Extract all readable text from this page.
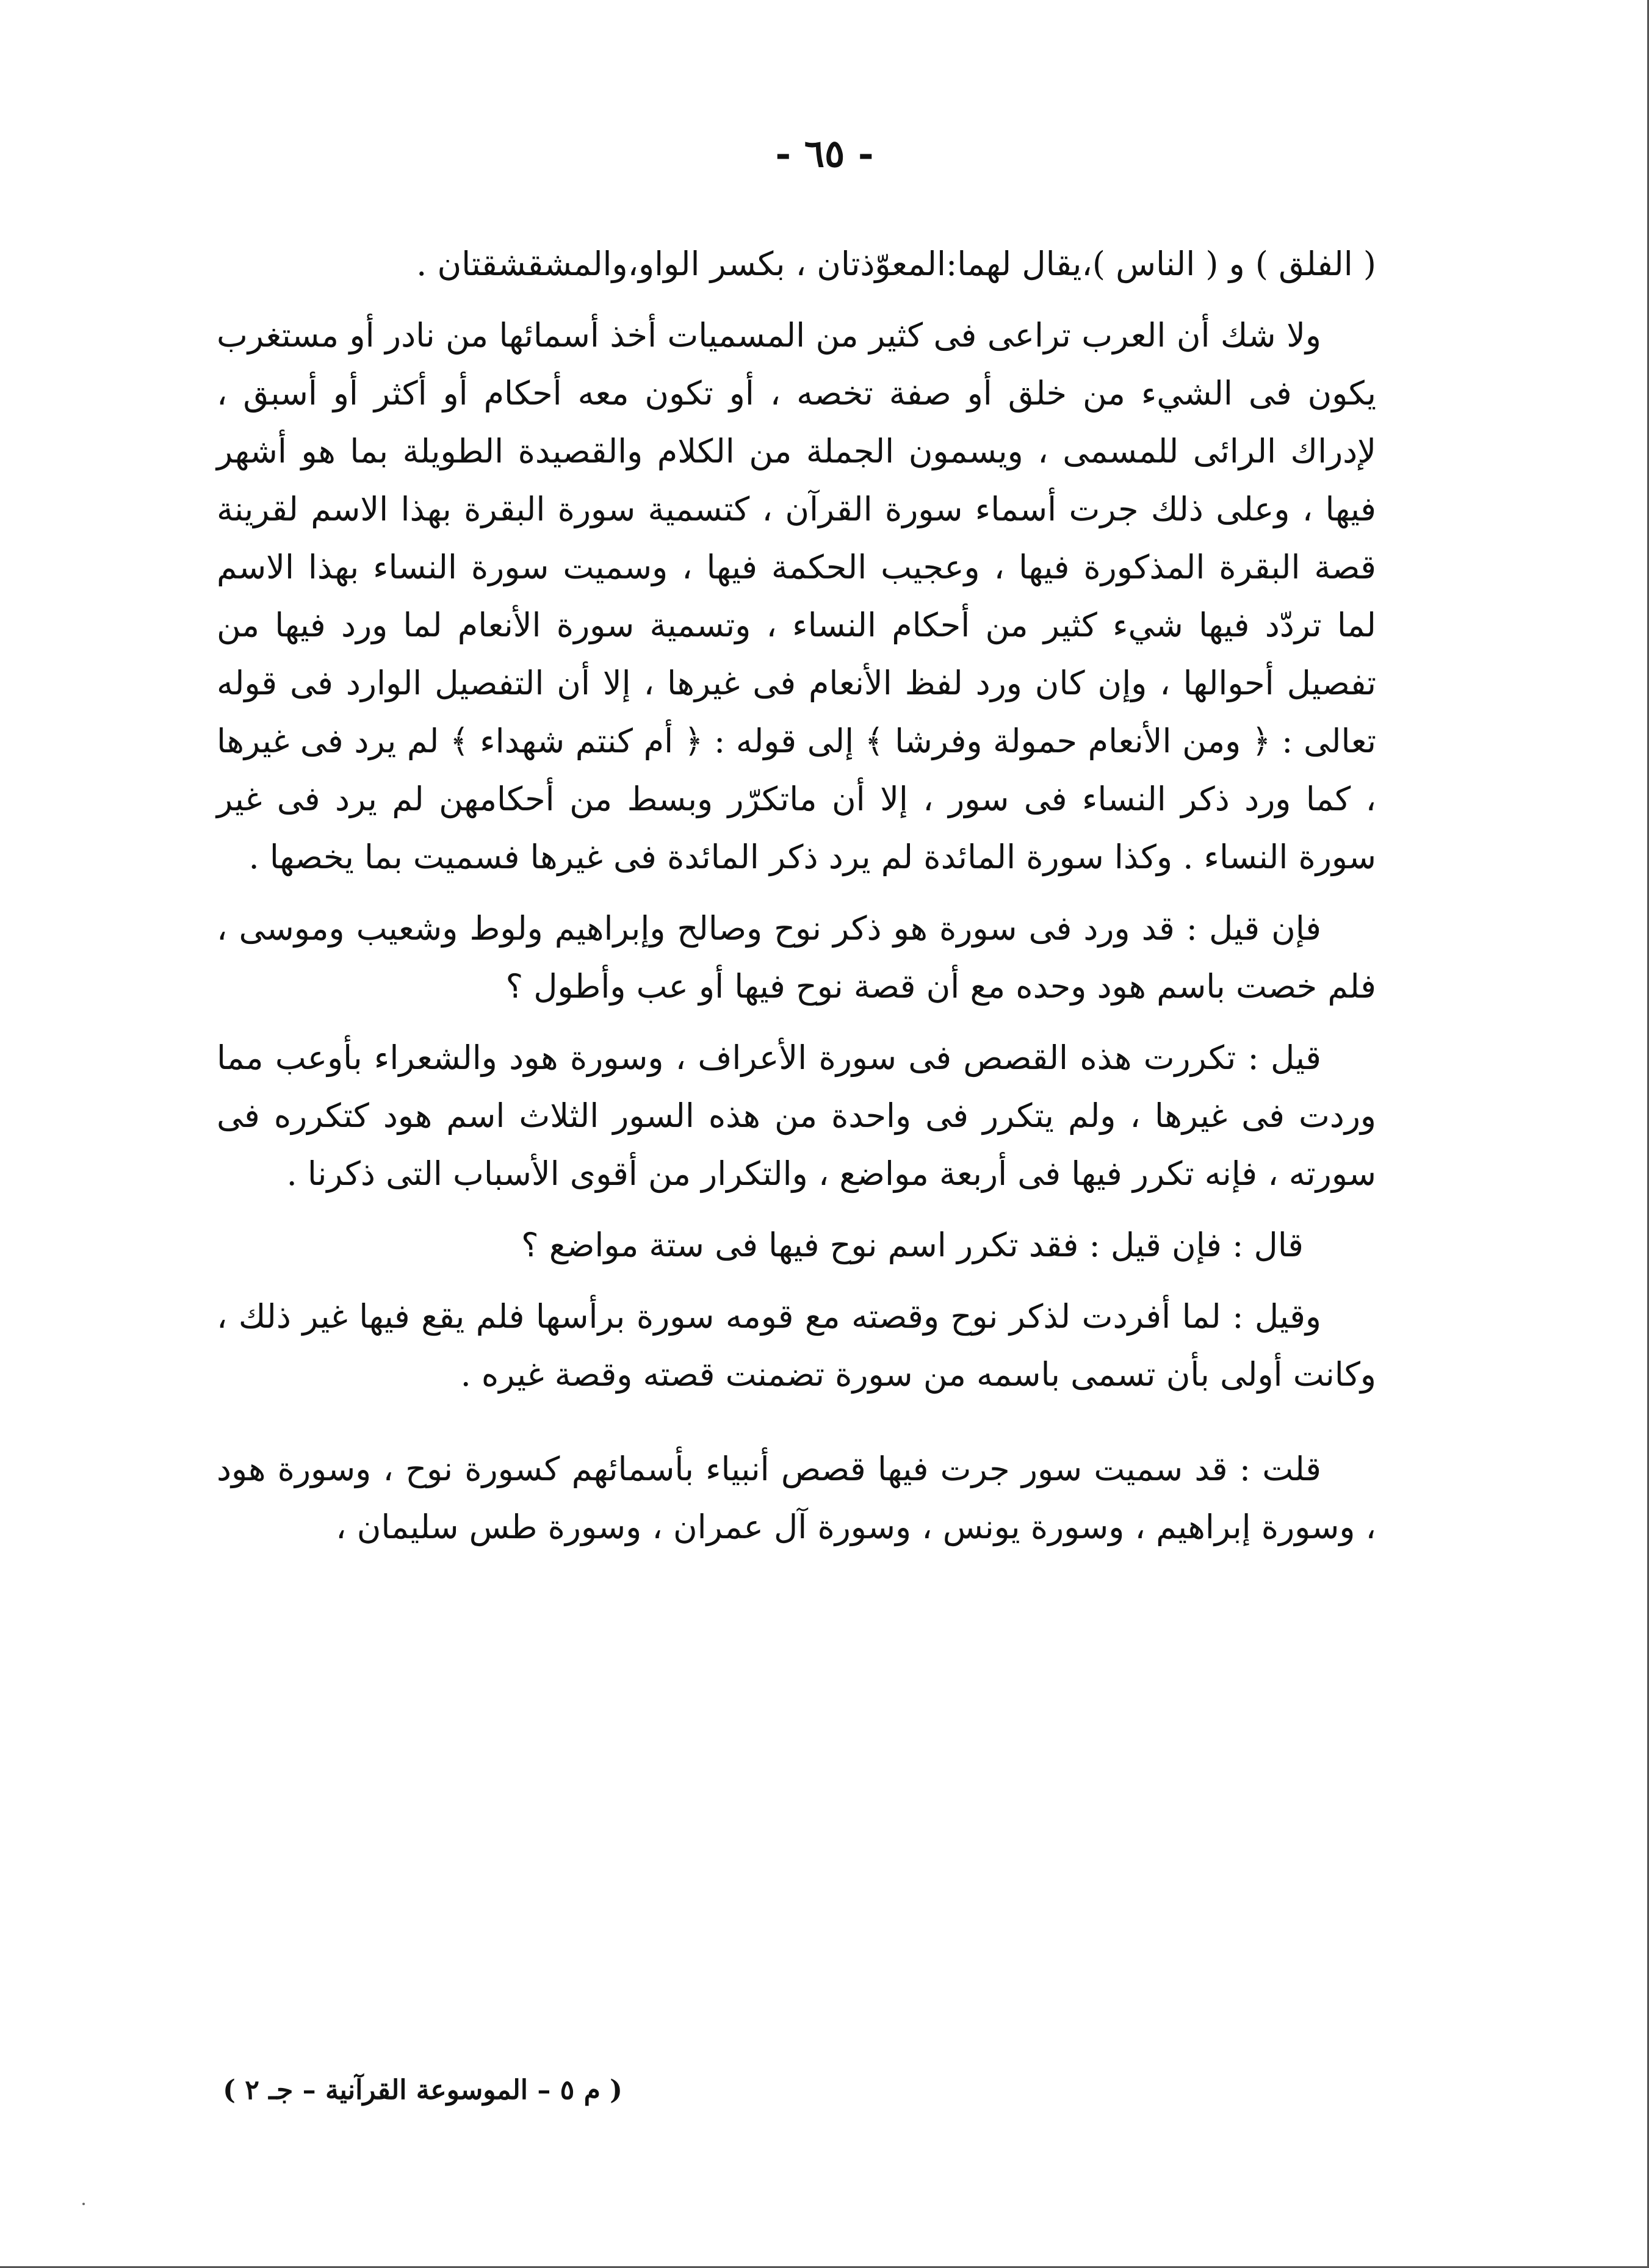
- ٦٥ -

( الفلق ) و ( الناس )،يقال لهما:المعوّذتان ، بكسر الواو،والمشقشقتان .

ولا شك أن العرب تراعى فى كثير من المسميات أخذ أسمائها من نادر أو مستغرب يكون فى الشيء من خلق أو صفة تخصه ، أو تكون معه أحكام أو أكثر أو أسبق ، لإدراك الرائى للمسمى ، ويسمون الجملة من الكلام والقصيدة الطويلة بما هو أشهر فيها ، وعلى ذلك جرت أسماء سورة القرآن ، كتسمية سورة البقرة بهذا الاسم لقرينة قصة البقرة المذكورة فيها ، وعجيب الحكمة فيها ، وسميت سورة النساء بهذا الاسم لما تردّد فيها شيء كثير من أحكام النساء ، وتسمية سورة الأنعام لما ورد فيها من تفصيل أحوالها ، وإن كان ورد لفظ الأنعام فى غيرها ، إلا أن التفصيل الوارد فى قوله تعالى : ﴿ ومن الأنعام حمولة وفرشا ﴾ إلى قوله : ﴿ أم كنتم شهداء ﴾ لم يرد فى غيرها ، كما ورد ذكر النساء فى سور ، إلا أن ماتكرّر وبسط من أحكامهن لم يرد فى غير سورة النساء . وكذا سورة المائدة لم يرد ذكر المائدة فى غيرها فسميت بما يخصها .

فإن قيل : قد ورد فى سورة هو ذكر نوح وصالح وإبراهيم ولوط وشعيب وموسى ، فلم خصت باسم هود وحده مع أن قصة نوح فيها أو عب وأطول ؟

قيل : تكررت هذه القصص فى سورة الأعراف ، وسورة هود والشعراء بأوعب مما وردت فى غيرها ، ولم يتكرر فى واحدة من هذه السور الثلاث اسم هود كتكرره فى سورته ، فإنه تكرر فيها فى أربعة مواضع ، والتكرار من أقوى الأسباب التى ذكرنا .

قال : فإن قيل : فقد تكرر اسم نوح فيها فى ستة مواضع ؟

وقيل : لما أفردت لذكر نوح وقصته مع قومه سورة برأسها فلم يقع فيها غير ذلك ، وكانت أولى بأن تسمى باسمه من سورة تضمنت قصته وقصة غيره .

قلت : قد سميت سور جرت فيها قصص أنبياء بأسمائهم كسورة نوح ، وسورة هود ، وسورة إبراهيم ، وسورة يونس ، وسورة آل عمران ، وسورة طس سليمان ،

( م ٥ – الموسوعة القرآنية – جـ ٢ )
